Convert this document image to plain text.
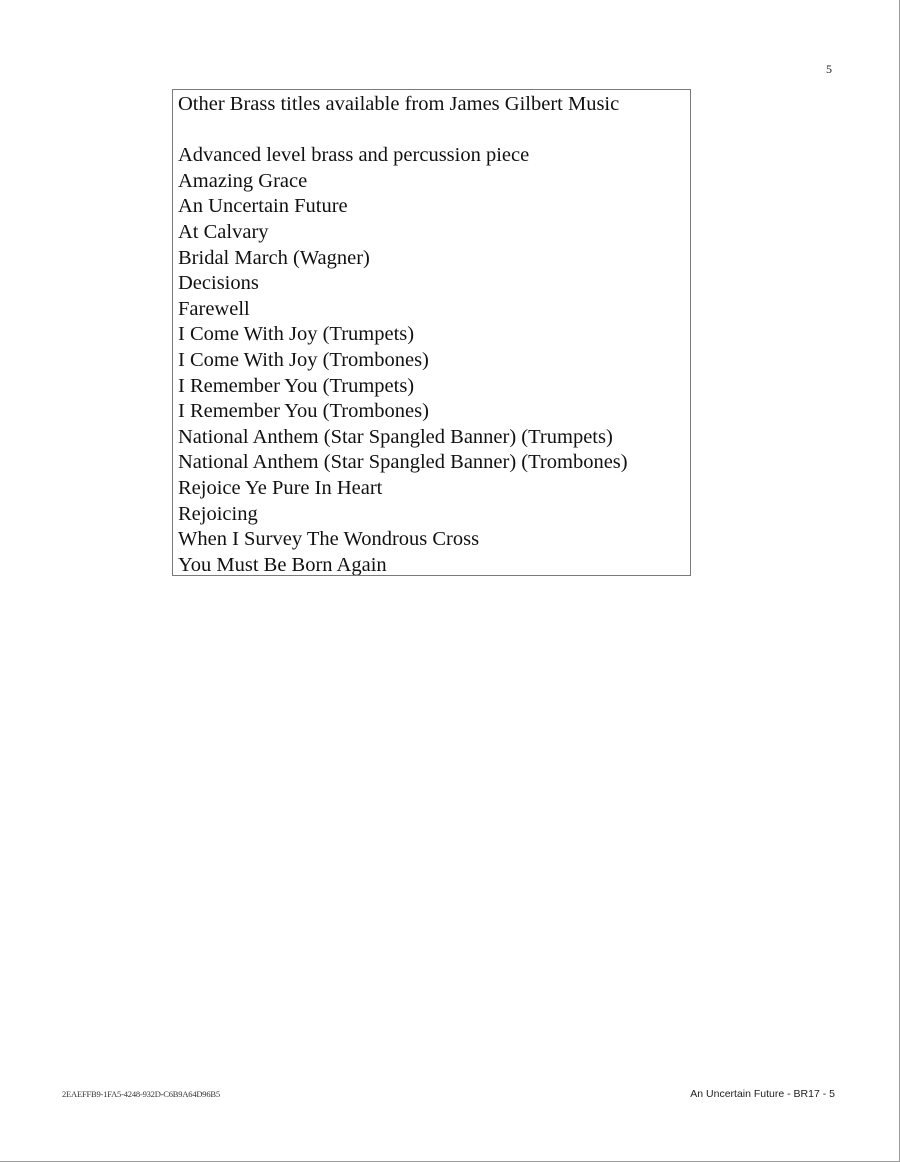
5
Other Brass titles available from James Gilbert Music
Advanced level brass and percussion piece
Amazing Grace
An Uncertain Future
At Calvary
Bridal March (Wagner)
Decisions
Farewell
I Come With Joy (Trumpets)
I Come With Joy (Trombones)
I Remember You (Trumpets)
I Remember You (Trombones)
National Anthem (Star Spangled Banner) (Trumpets)
National Anthem (Star Spangled Banner) (Trombones)
Rejoice Ye Pure In Heart
Rejoicing
When I Survey The Wondrous Cross
You Must Be Born Again
2EAEFFB9-1FA5-4248-932D-C6B9A64D96B5	An Uncertain Future - BR17 - 5
